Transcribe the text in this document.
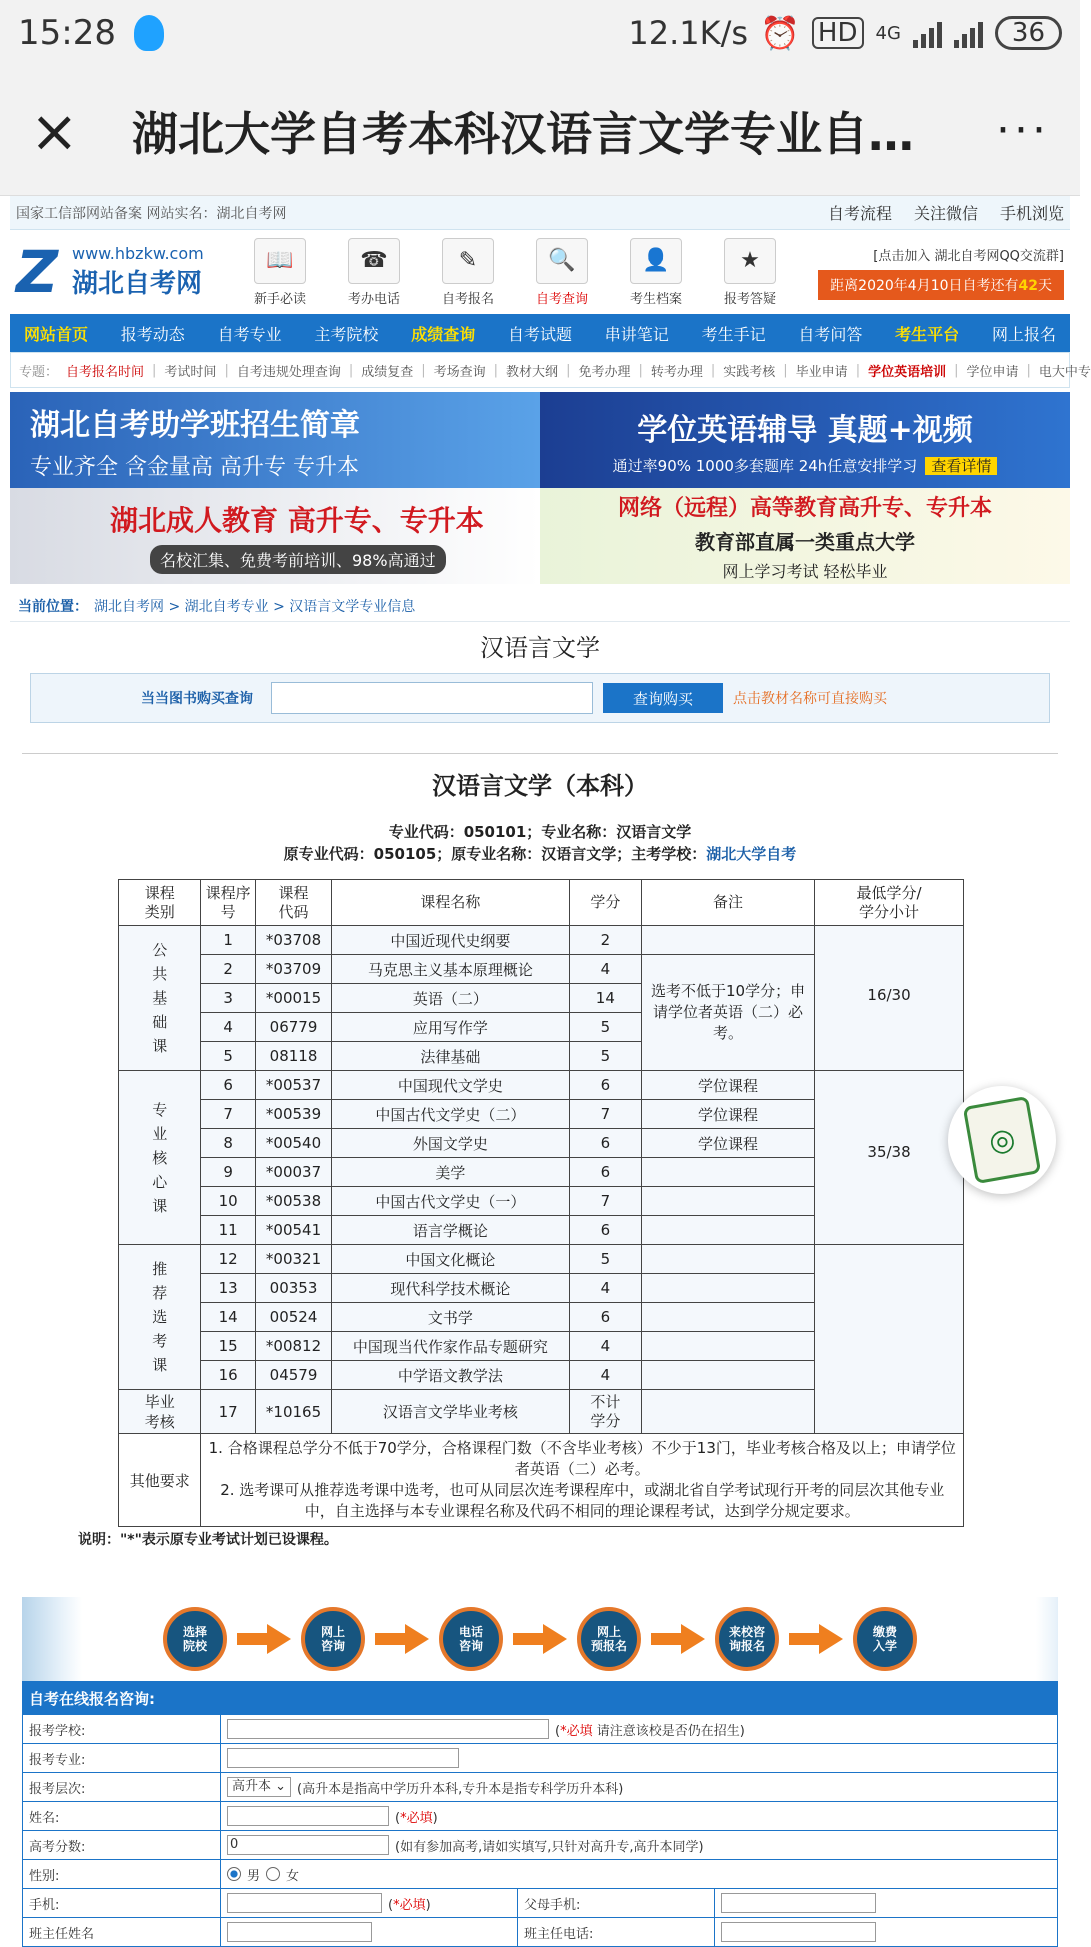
15:28	12.1K/s ⏰ HD	4G	36
× 湖北大学自考本科汉语言文学专业自…	···
国家工信部网站备案 网站实名：湖北自考网	自考流程 关注微信 手机浏览
Z www.hbzkw.com
湖北自考网
📖
新手必读
☎
考办电话
✎
自考报名
🔍
自考查询
👤
考生档案
★
报考答疑
[点击加入 湖北自考网QQ交流群]
距离2020年4月10日自考还有42天
网站首页 报考动态 自考专业 主考院校 成绩查询 自考试题 串讲笔记 考生手记 自考问答 考生平台 网上报名
专题： 自考报名时间 | 考试时间 | 自考违规处理查询 | 成绩复查 | 考场查询 | 教材大纲 | 免考办理 | 转考办理 | 实践考核 | 毕业申请 | 学位英语培训 | 学位申请 | 电大中专
湖北自考助学班招生简章
专业齐全 含金量高 高升专 专升本
学位英语辅导 真题+视频
通过率90% 1000多套题库 24h任意安排学习 查看详情
湖北成人教育 高升专、专升本
名校汇集、免费考前培训、98%高通过
网络（远程）高等教育高升专、专升本
教育部直属一类重点大学
网上学习考试 轻松毕业
当前位置： 湖北自考网 > 湖北自考专业 > 汉语言文学专业信息
汉语言文学
当当图书购买查询	查询购买	点击教材名称可直接购买
汉语言文学（本科）
专业代码：050101；专业名称：汉语言文学
原专业代码：050105；原专业名称：汉语言文学；主考学校：湖北大学自考
课程
类别	课程序
号	课程
代码	课程名称	学分	备注	最低学分/
学分小计

公共基础课	1	*03708	中国近现代史纲要	2		16/30
	2	*03709	马克思主义基本原理概论	4	选考不低于10学分；申请学位者英语（二）必考。	
	3	*00015	英语（二）	14		
	4	06779	应用写作学	5		
	5	08118	法律基础	5		

专业核心课	6	*00537	中国现代文学史	6	学位课程	35/38
	7	*00539	中国古代文学史（二）	7	学位课程	
	8	*00540	外国文学史	6	学位课程	
	9	*00037	美学	6		
	10	*00538	中国古代文学史（一）	7		
	11	*00541	语言学概论	6		

推荐选考课	12	*00321	中国文化概论	5		
	13	00353	现代科学技术概论	4		
	14	00524	文书学	6		
	15	*00812	中国现当代作家作品专题研究	4		
	16	04579	中学语文教学法	4		

毕业考核	17	*10165	汉语言文学毕业考核	不计
学分		
其他要求	1. 合格课程总学分不低于70学分，合格课程门数（不含毕业考核）不少于13门，毕业考核合格及以上；申请学位者英语（二）必考。
2. 选考课可从推荐选考课中选考，也可从同层次连考课程库中，或湖北省自学考试现行开考的同层次其他专业中，自主选择与本专业课程名称及代码不相同的理论课程考试，达到学分规定要求。					
说明："*"表示原专业考试计划已设课程。
选择
院校
网上
咨询
电话
咨询
网上
预报名
来校咨
询报名
缴费
入学
自考在线报名咨询:
报考学校:	(*必填 请注意该校是否仍在招生)
报考专业:
报考层次:	高升本 ⌄ (高升本是指高中学历升本科,专升本是指专科学历升本科)
姓名:	(*必填)
高考分数:	0	(如有参加高考,请如实填写,只针对高升专,高升本同学)
性别:	男 女
手机:	(*必填)	父母手机:
班主任姓名	班主任电话:
◎
